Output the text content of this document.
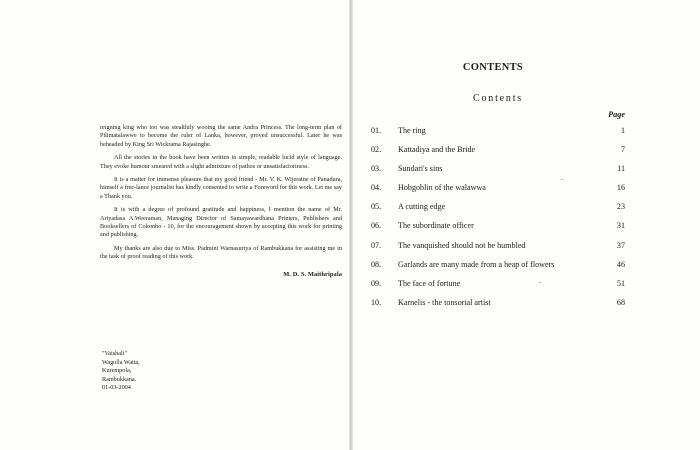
reigning king who too was stealthily wooing the same Andra Princess. The long-term plan of Pilimatalawwe to become the ruler of Lanka, however, proved unsuccessful. Later he was beheaded by King Sri Wickrama Rajasinghe.

All the stories in the book have been written in simple, readable lucid style of language. They evoke humour smeared with a slight admixture of pathos or unsatisfactoriness.

It is a matter for immense pleasure that my good friend - Mr. V. K. Wijeratne of Panadura, himself a free-lance journalist has kindly consented to write a Foreword for this work. Let me say a Thank you.

It is with a degree of profound gratitude and happiness, I mention the name of Mr. Ariyadasa A.Weeraman, Managing Director of Samayawardhana Printers, Publishers and Booksellers of Colombo - 10, for the encouragement shown by accepting this work for printing and publishing.

My thanks are also due to Miss. Padmini Warnasuriya of Rambukkana for assisting me in the task of proof reading of this work.

M. D. S. Maithripala
"Vaishali"
Wagolla Watta,
Kurempola,
Rambukkana.
01-03-2004
CONTENTS
Contents
Page
01.	The ring	1
02.	Kattadiya and the Bride	7
03.	Sundari's sins	11
04.	Hobgoblin of the walawwa	16
05.	A cutting edge	23
06.	The subordinate officer	31
07.	The vanquished should not be humbled	37
08.	Garlands are many made from a heap of flowers	46
09.	The face of fortune	51
10.	Karnelis - the tonsorial artist	68
